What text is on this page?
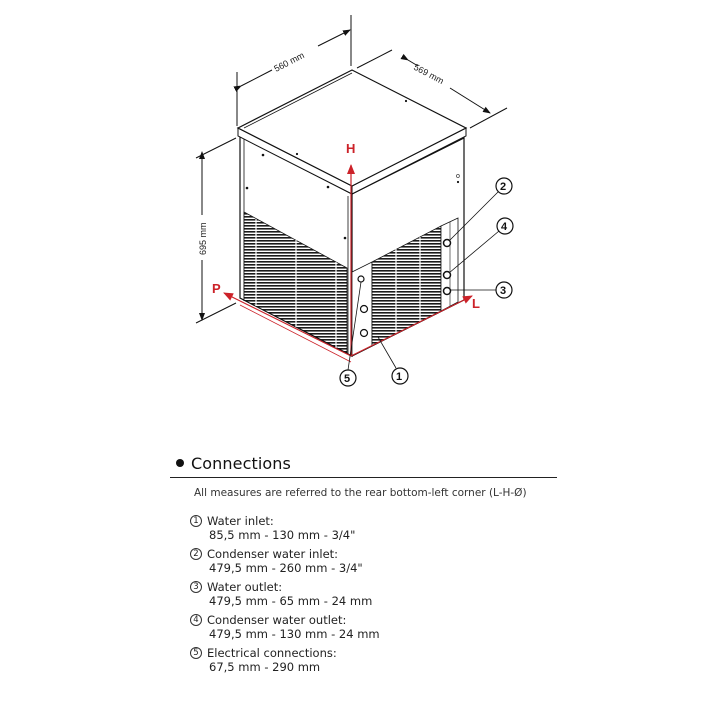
560 mm	569 mm
695 mm
o
H
P
L
2
4
3
1
5
Connections
All measures are referred to the rear bottom-left corner (L-H-Ø)
1 Water inlet:
85,5 mm - 130 mm - 3/4"
2 Condenser water inlet:
479,5 mm - 260 mm - 3/4"
3 Water outlet:
479,5 mm - 65 mm - 24 mm
4 Condenser water outlet:
479,5 mm - 130 mm - 24 mm
5 Electrical connections:
67,5 mm - 290 mm
